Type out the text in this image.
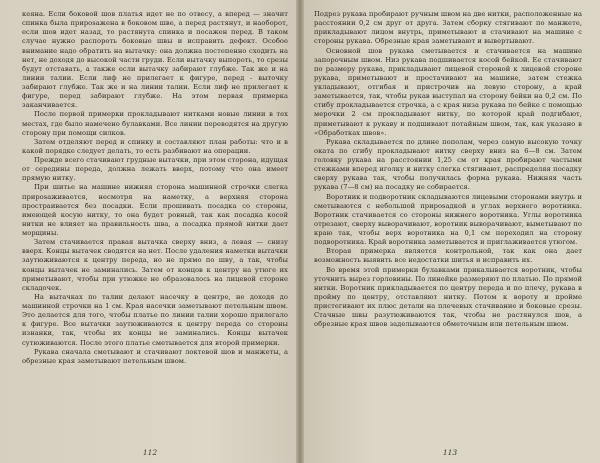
кеяна. Если боковой шов платья идет не по отвесу, а вперед — значит спинка была приposажена в боковом шве, а перед растянут, и наоборот, если шов идет назад, то растянута спинка и посажен перед. В таком случае нужно распороть боковые швы и исправить дефект. Особое внимание надо обратить на вытачку: она должна постепенно сходить на нет, не доходя до высокой части груди. Если вытачку выпороть, то срезы будут отставать, а также если вытачку забирают глубже. Так же и на линии талии. Если лиф не прилегает к фигуре, перед - выточку забирают глубже. Так же и на линии талии. Если лиф не прилегает к фигуре, перед забирают глубже. На этом первая примерка заканчивается.

После первой примерки прокладывают нитками новые линии в тех местах, где было намечено булавками. Все линии переводятся на другую сторону при помощи силков.

Затем отделяют перед и спинку и составляют план работы: что и в какой порядке следует делать, то есть разбивают на операции.

Прежде всего стачивают грудные вытачки, при этом сторона, идущая от середины переда, должна лежать вверх, потому что она имеет прямую нитку.

При шитье на машине нижняя сторона машинной строчки слегка приposаживается, несмотря на наметку, а верхняя сторона простраивается без посадки. Если прошивать посадка со стороны, имеющей косую нитку, то она будет ровный, так как посадка косой нитки не влияет на правильность шва, а посадка прямой нитки дает морщины.

Затем стачивается правая вытачка сверху вниз, а левая — снизу вверх. Концы вытачек сводятся на нет. После удаления наметки вытачки заутюживаются к центру переда, но не прямо по шву, а так, чтобы концы вытачек не заминались. Затем от концов к центру на утюге их приметывают, чтобы при утюжке не образовалось на лицевой стороне складочек.

На вытачках по талии делают насечку в центре, не доходя до машинной строчки на 1 см. Края насечки заметывают петельным швом. Это делается для того, чтобы платье по линии талии хорошо прилегало к фигуре. Все вытачки заутюживаются к центру переда со стороны изнанки, так, чтобы их концы не заминались. Концы вытачек сутюживаются. После этого платье сметывается для второй примерки.

Рукава сначала сметывают и стачивают локтевой шов и манжеты, а обрезные края заметывают петельным швом.

112

Подрез рукава пробирают ручным швом на две нитки, расположенные на расстоянии 0,2 см друг от друга. Затем сборку стягивают по манжете, прикладывают лицом внутрь, приметывают и стачивают на машине с стороны рукава. Обрезные края заметывают и вывертывают.

Основной шов рукава сметывается и стачивается на машине запорочным швом. Низ рукава подшивается косой бейкой. Ее стачивают по размеру рукава, прикладывают лицевой стороной к лицевой стороне рукава, приметывают и простачивают на машине, затем стежка укладывают, отгибая и пристрочив на левую сторону, а край заметывается, так, чтобы рукав выступал на сторону бейки на 0,2 см. По стибу прокладывается строчка, а с края низа рукава по бейке с помощью мерочки 2 см прокладывают нитку, по которой край подгибают, приметывают к рукаву и подшивают потайным швом, так, как указано в «Обработках швов».

Рукава складывается по длине пополам, через самую высокую точку оката по сгибу прокладывают нитку сверху вниз на 6—8 см. Затем головку рукава на расстоянии 1,25 см от края пробирают частыми стежками вперед иголку и нитку слегка стягивают, распределяя посадку сверху рукава так, чтобы получилась форма рукава. Нижняя часть рукава (7—8 см) на посадку не собирается.

Воротник и подворотник складываются лицевыми сторонами внутрь и сметываются с небольшой приposадкой в углах верхнего воротника. Воротник стачивается со стороны нижнего воротника. Углы воротника отрезают, сверху выворачивают, воротник выворачивают, выметывают по краю так, чтобы верх воротника на 0,1 см переходил на сторону подворотника. Край воротника заметывается и приглаживается утюгом.

Вторая примерка является контрольной, так как она дает возможность выявить все недостатки шитья и исправить их.

Во время этой примерки булавками прикалывается воротник, чтобы уточнить вырез горловины. По линейке размеряют по платью. По прямой нитки. Воротник прикладывается по центру переда и по плечу, рукава в пройму по центру, отставляют нитку. Потом к вороту и пройме пристегивают их плюс детали на плечевых стачивание и боковые срезы. Стачные швы разутюживаются так, чтобы не растянулся шов, а обрезные края швов заделываются обметочным или петельным швом.

113
